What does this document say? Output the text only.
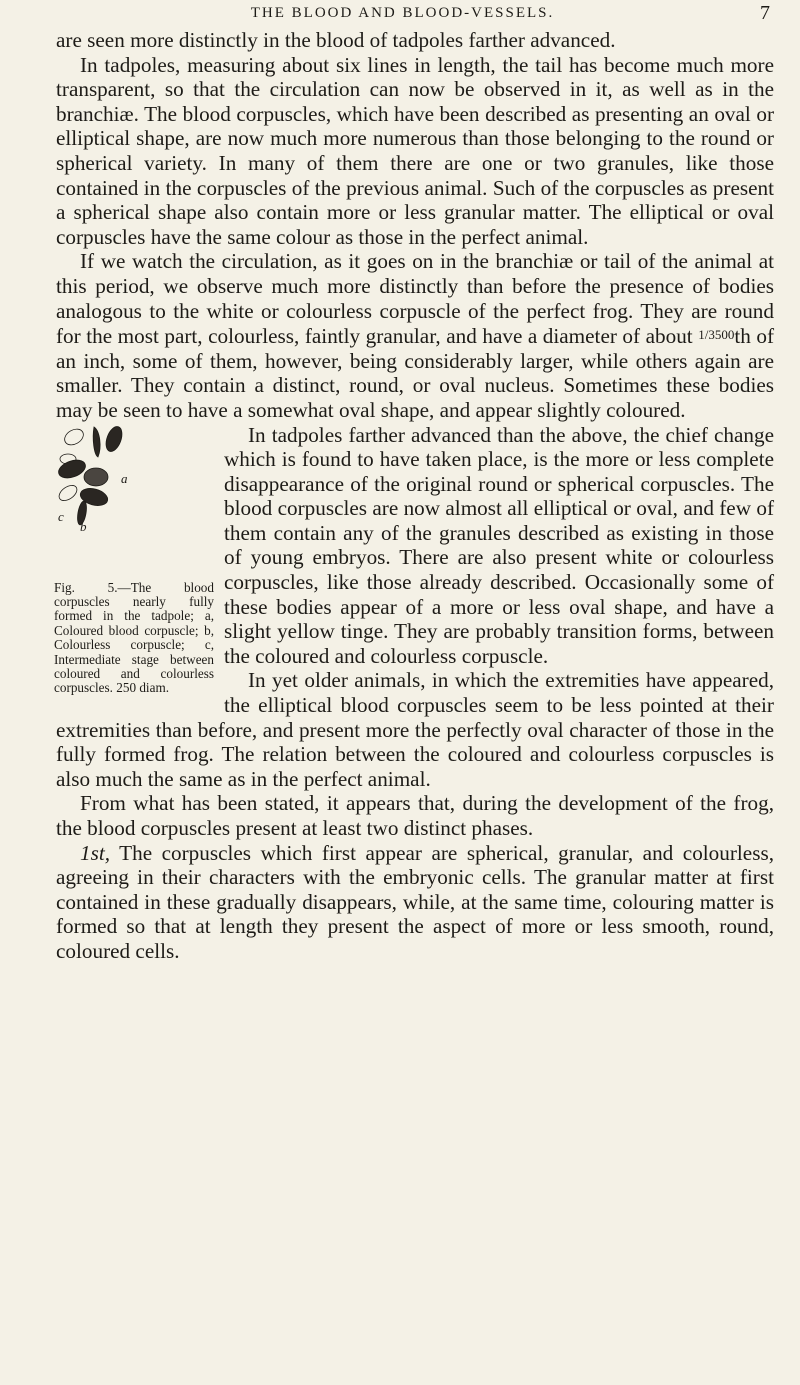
THE BLOOD AND BLOOD-VESSELS.	7

are seen more distinctly in the blood of tadpoles farther advanced.

In tadpoles, measuring about six lines in length, the tail has become much more transparent, so that the circulation can now be observed in it, as well as in the branchiæ. The blood corpuscles, which have been described as presenting an oval or elliptical shape, are now much more numerous than those belonging to the round or spherical variety. In many of them there are one or two granules, like those contained in the corpuscles of the previous animal. Such of the corpuscles as present a spherical shape also contain more or less granular matter. The elliptical or oval corpuscles have the same colour as those in the perfect animal.

If we watch the circulation, as it goes on in the branchiæ or tail of the animal at this period, we observe much more distinctly than before the presence of bodies analogous to the white or colourless corpuscle of the perfect frog. They are round for the most part, colourless, faintly granular, and have a diameter of about 1/3500th of an inch, some of them, however, being considerably larger, while others again are smaller. They contain a distinct, round, or oval nucleus. Sometimes these bodies may be seen to have a somewhat oval shape, and appear slightly coloured.

a
c
b
Fig. 5.—The blood corpuscles nearly fully formed in the tadpole; a, Coloured blood corpuscle; b, Colourless corpuscle; c, Intermediate stage between coloured and colourless corpuscles. 250 diam.

In tadpoles farther advanced than the above, the chief change which is found to have taken place, is the more or less complete disappearance of the original round or spherical corpuscles. The blood corpuscles are now almost all elliptical or oval, and few of them contain any of the granules described as existing in those of young embryos. There are also present white or colourless corpuscles, like those already described. Occasionally some of these bodies appear of a more or less oval shape, and have a slight yellow tinge. They are probably transition forms, between the coloured and colourless corpuscle.

In yet older animals, in which the extremities have appeared, the elliptical blood corpuscles seem to be less pointed at their extremities than before, and present more the perfectly oval character of those in the fully formed frog. The relation between the coloured and colourless corpuscles is also much the same as in the perfect animal.

From what has been stated, it appears that, during the development of the frog, the blood corpuscles present at least two distinct phases.

1st, The corpuscles which first appear are spherical, granular, and colourless, agreeing in their characters with the embryonic cells. The granular matter at first contained in these gradually disappears, while, at the same time, colouring matter is formed so that at length they present the aspect of more or less smooth, round, coloured cells.
